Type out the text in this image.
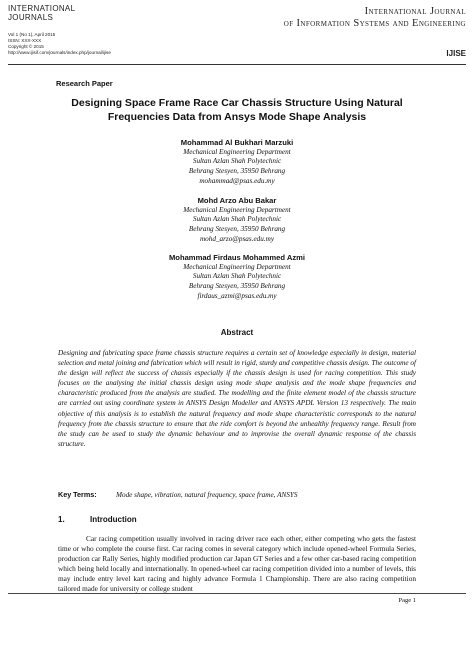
INTERNATIONAL
JOURNALS
Vol 1 (No 1), April 2015
ISSN: XXX-XXX
Copyright © 2015
http://www.ijisif.com/journals/index.php/journal/ijise
International Journal
of Information Systems and Engineering
IJISE
Research Paper
Designing Space Frame Race Car Chassis Structure Using Natural
Frequencies Data from Ansys Mode Shape Analysis
Mohammad Al Bukhari Marzuki
Mechanical Engineering Department
Sultan Azlan Shah Polytechnic
Behrang Stesyen, 35950 Behrang
mohammad@psas.edu.my
Mohd Arzo Abu Bakar
Mechanical Engineering Department
Sultan Azlan Shah Polytechnic
Behrang Stesyen, 35950 Behrang
mohd_arzo@psas.edu.my
Mohammad Firdaus Mohammed Azmi
Mechanical Engineering Department
Sultan Azlan Shah Polytechnic
Behrang Stesyen, 35950 Behrang
firdaus_azmi@psas.edu.my
Abstract
Designing and fabricating space frame chassis structure requires a certain set of knowledge especially in design, material selection and metal joining and fabrication which will result in rigid, sturdy and competitive chassis design. The outcome of the design will reflect the success of chassis especially if the chassis design is used for racing competition. This study focuses on the analysing the initial chassis design using mode shape analysis and the mode shape frequencies and characteristic produced from the analysis are studied. The modelling and the finite element model of the chassis structure are carried out using coordinate system in ANSYS Design Modeller and ANSYS APDL Version 13 respectively. The main objective of this analysis is to establish the natural frequency and mode shape characteristic corresponds to the natural frequency from the chassis structure to ensure that the ride comfort is beyond the unhealthy frequency range. Result from the study can be used to study the dynamic behaviour and to improvise the overall dynamic response of the chassis structure.
Key Terms:	Mode shape, vibration, natural frequency, space frame, ANSYS
1.	Introduction
Car racing competition usually involved in racing driver race each other, either competing who gets the fastest time or who complete the course first. Car racing comes in several category which include opened-wheel Formula Series, production car Rally Series, highly modified production car Japan GT Series and a few other car-based racing competition which being held locally and internationally. In opened-wheel car racing competition divided into a number of levels, this may include entry level kart racing and highly advance Formula 1 Championship. There are also racing competition tailored made for university or college student
Page 1
